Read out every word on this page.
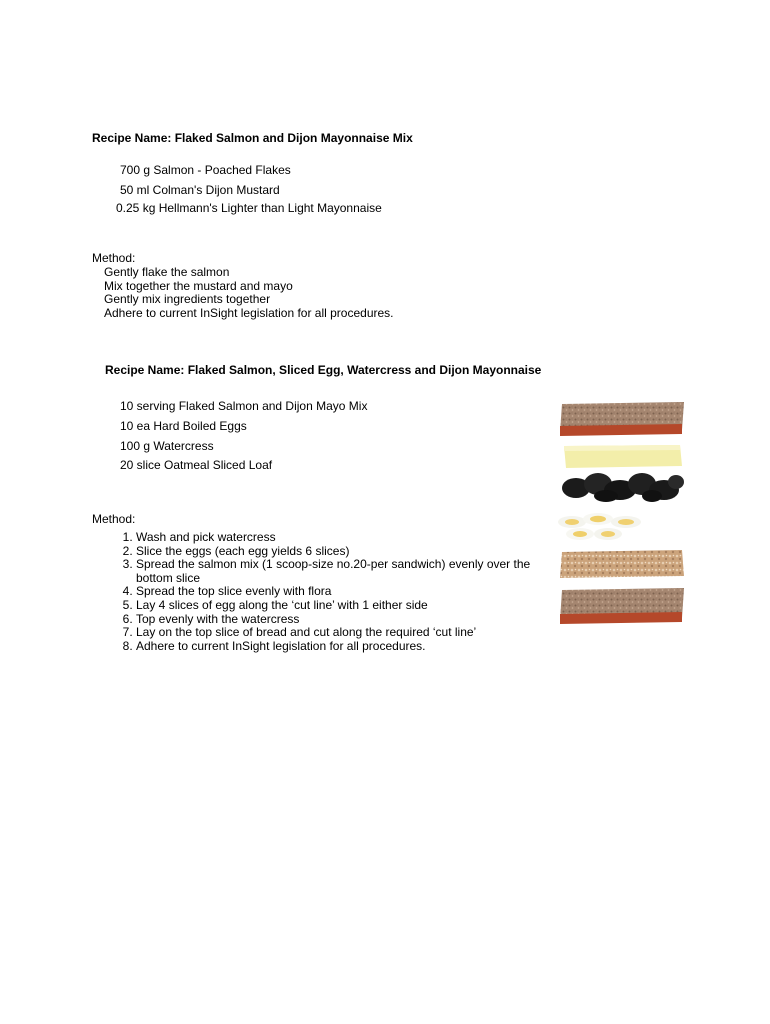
Recipe Name: Flaked Salmon and Dijon Mayonnaise Mix
700 g Salmon - Poached Flakes
50 ml Colman's Dijon Mustard
0.25 kg Hellmann's Lighter than Light Mayonnaise
Method:
Gently flake the salmon
Mix together the mustard and mayo
Gently mix ingredients together
Adhere to current InSight legislation for all procedures.
Recipe Name: Flaked Salmon, Sliced Egg, Watercress and Dijon Mayonnaise
10 serving Flaked Salmon and Dijon Mayo Mix
10 ea Hard Boiled Eggs
100 g Watercress
20 slice Oatmeal Sliced Loaf
Method:
1. Wash and pick watercress
2. Slice the eggs (each egg yields 6 slices)
3. Spread the salmon mix (1 scoop-size no.20-per sandwich) evenly over the bottom slice
4. Spread the top slice evenly with flora
5. Lay 4 slices of egg along the ‘cut line’ with 1 either side
6. Top evenly with the watercress
7. Lay on the top slice of bread and cut along the required ‘cut line’
8. Adhere to current InSight legislation for all procedures.
